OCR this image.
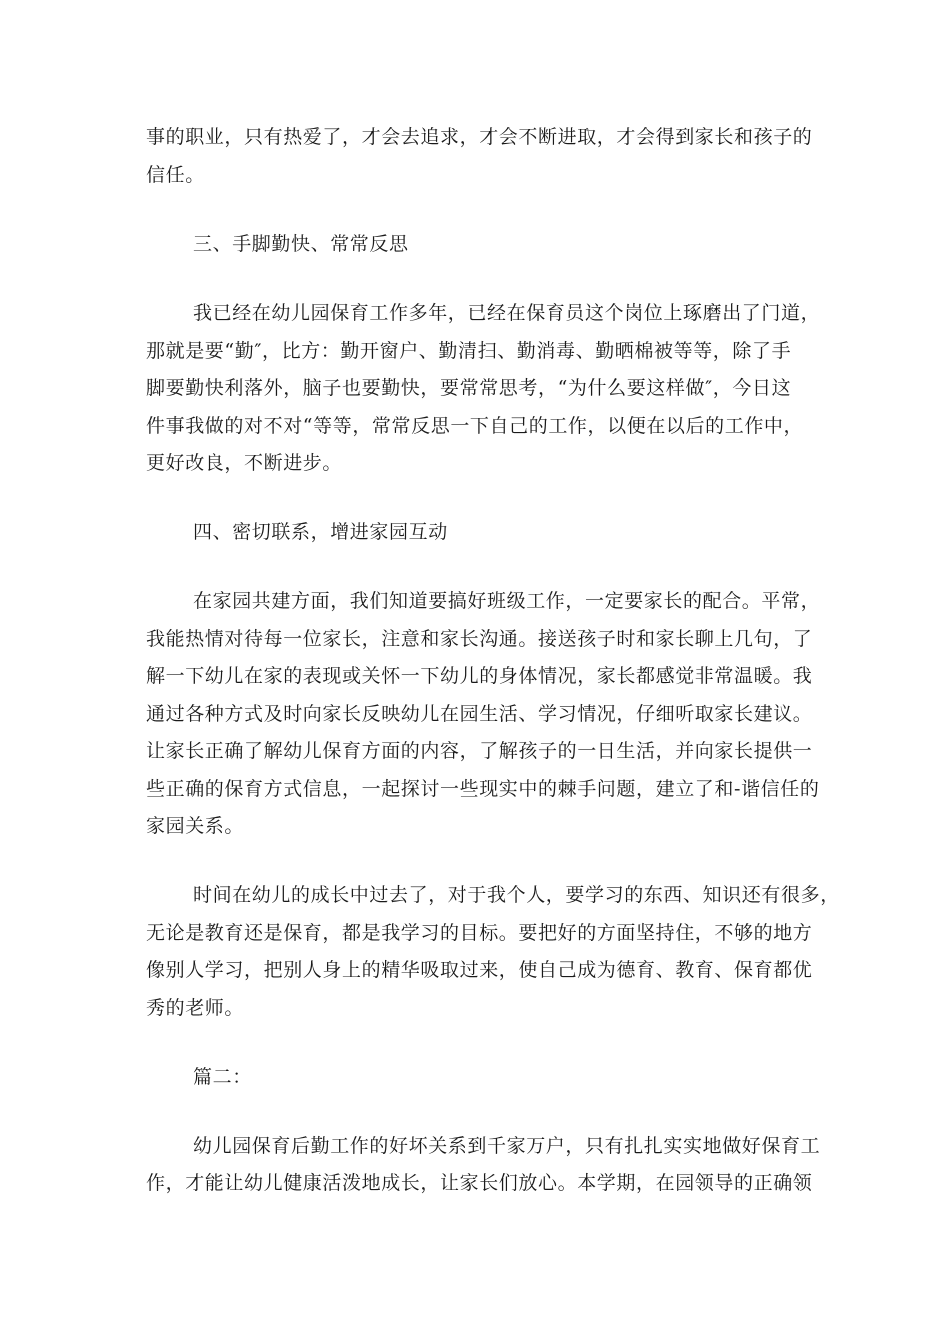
事的职业，只有热爱了，才会去追求，才会不断进取，才会得到家长和孩子的
信任。
三、手脚勤快、常常反思
我已经在幼儿园保育工作多年，已经在保育员这个岗位上琢磨出了门道，
那就是要“勤″，比方：勤开窗户、勤清扫、勤消毒、勤晒棉被等等，除了手
脚要勤快利落外，脑子也要勤快，要常常思考，“为什么要这样做″，今日这
件事我做的对不对“等等，常常反思一下自己的工作，以便在以后的工作中，
更好改良，不断进步。
四、密切联系，增进家园互动
在家园共建方面，我们知道要搞好班级工作，一定要家长的配合。平常，
我能热情对待每一位家长，注意和家长沟通。接送孩子时和家长聊上几句，了
解一下幼儿在家的表现或关怀一下幼儿的身体情况，家长都感觉非常温暖。我
通过各种方式及时向家长反映幼儿在园生活、学习情况，仔细听取家长建议。
让家长正确了解幼儿保育方面的内容，了解孩子的一日生活，并向家长提供一
些正确的保育方式信息，一起探讨一些现实中的棘手问题，建立了和-谐信任的
家园关系。
时间在幼儿的成长中过去了，对于我个人，要学习的东西、知识还有很多，
无论是教育还是保育，都是我学习的目标。要把好的方面坚持住，不够的地方
像别人学习，把别人身上的精华吸取过来，使自己成为德育、教育、保育都优
秀的老师。
篇二：
幼儿园保育后勤工作的好坏关系到千家万户，只有扎扎实实地做好保育工
作，才能让幼儿健康活泼地成长，让家长们放心。本学期，在园领导的正确领
